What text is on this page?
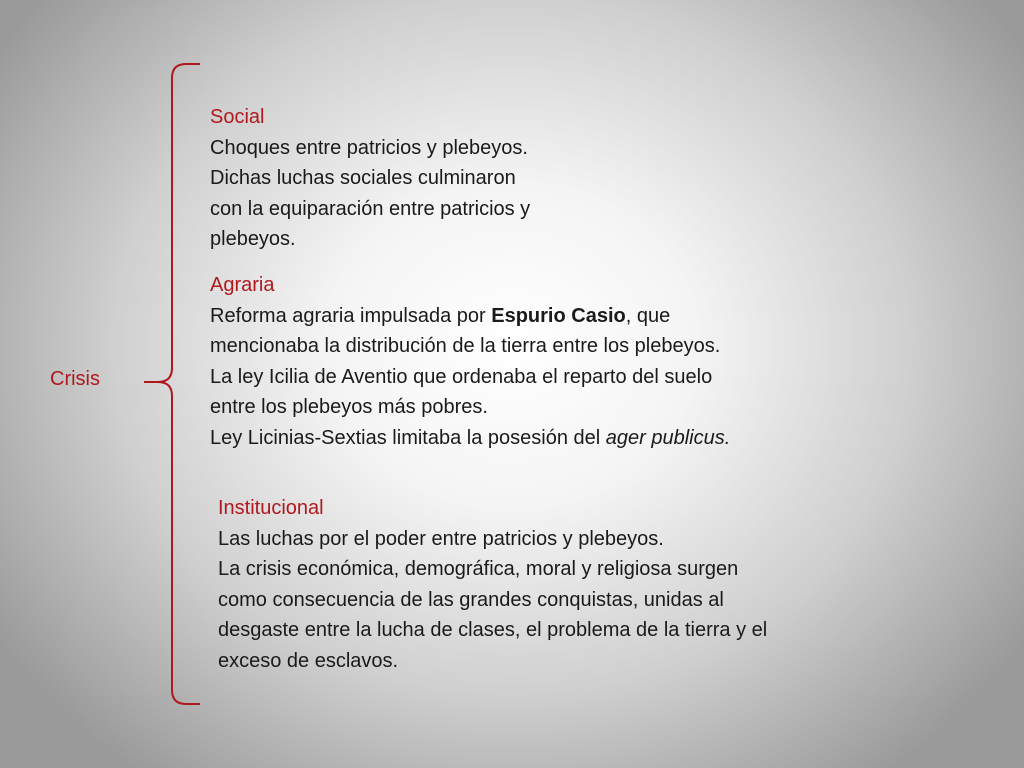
Crisis
Social
Choques entre patricios y plebeyos.
Dichas luchas sociales culminaron
con la equiparación entre patricios y
plebeyos.
Agraria
Reforma agraria impulsada por Espurio Casio, que
mencionaba la distribución de la tierra entre los plebeyos.
La ley Icilia de Aventio que ordenaba el reparto del suelo
entre los plebeyos más pobres.
Ley Licinias-Sextias limitaba la posesión del ager publicus.
Institucional
Las luchas por el poder entre patricios y plebeyos.
La crisis económica, demográfica, moral y religiosa surgen
como consecuencia de las grandes conquistas, unidas al
desgaste entre la lucha de clases, el problema de la tierra y el
exceso de esclavos.
